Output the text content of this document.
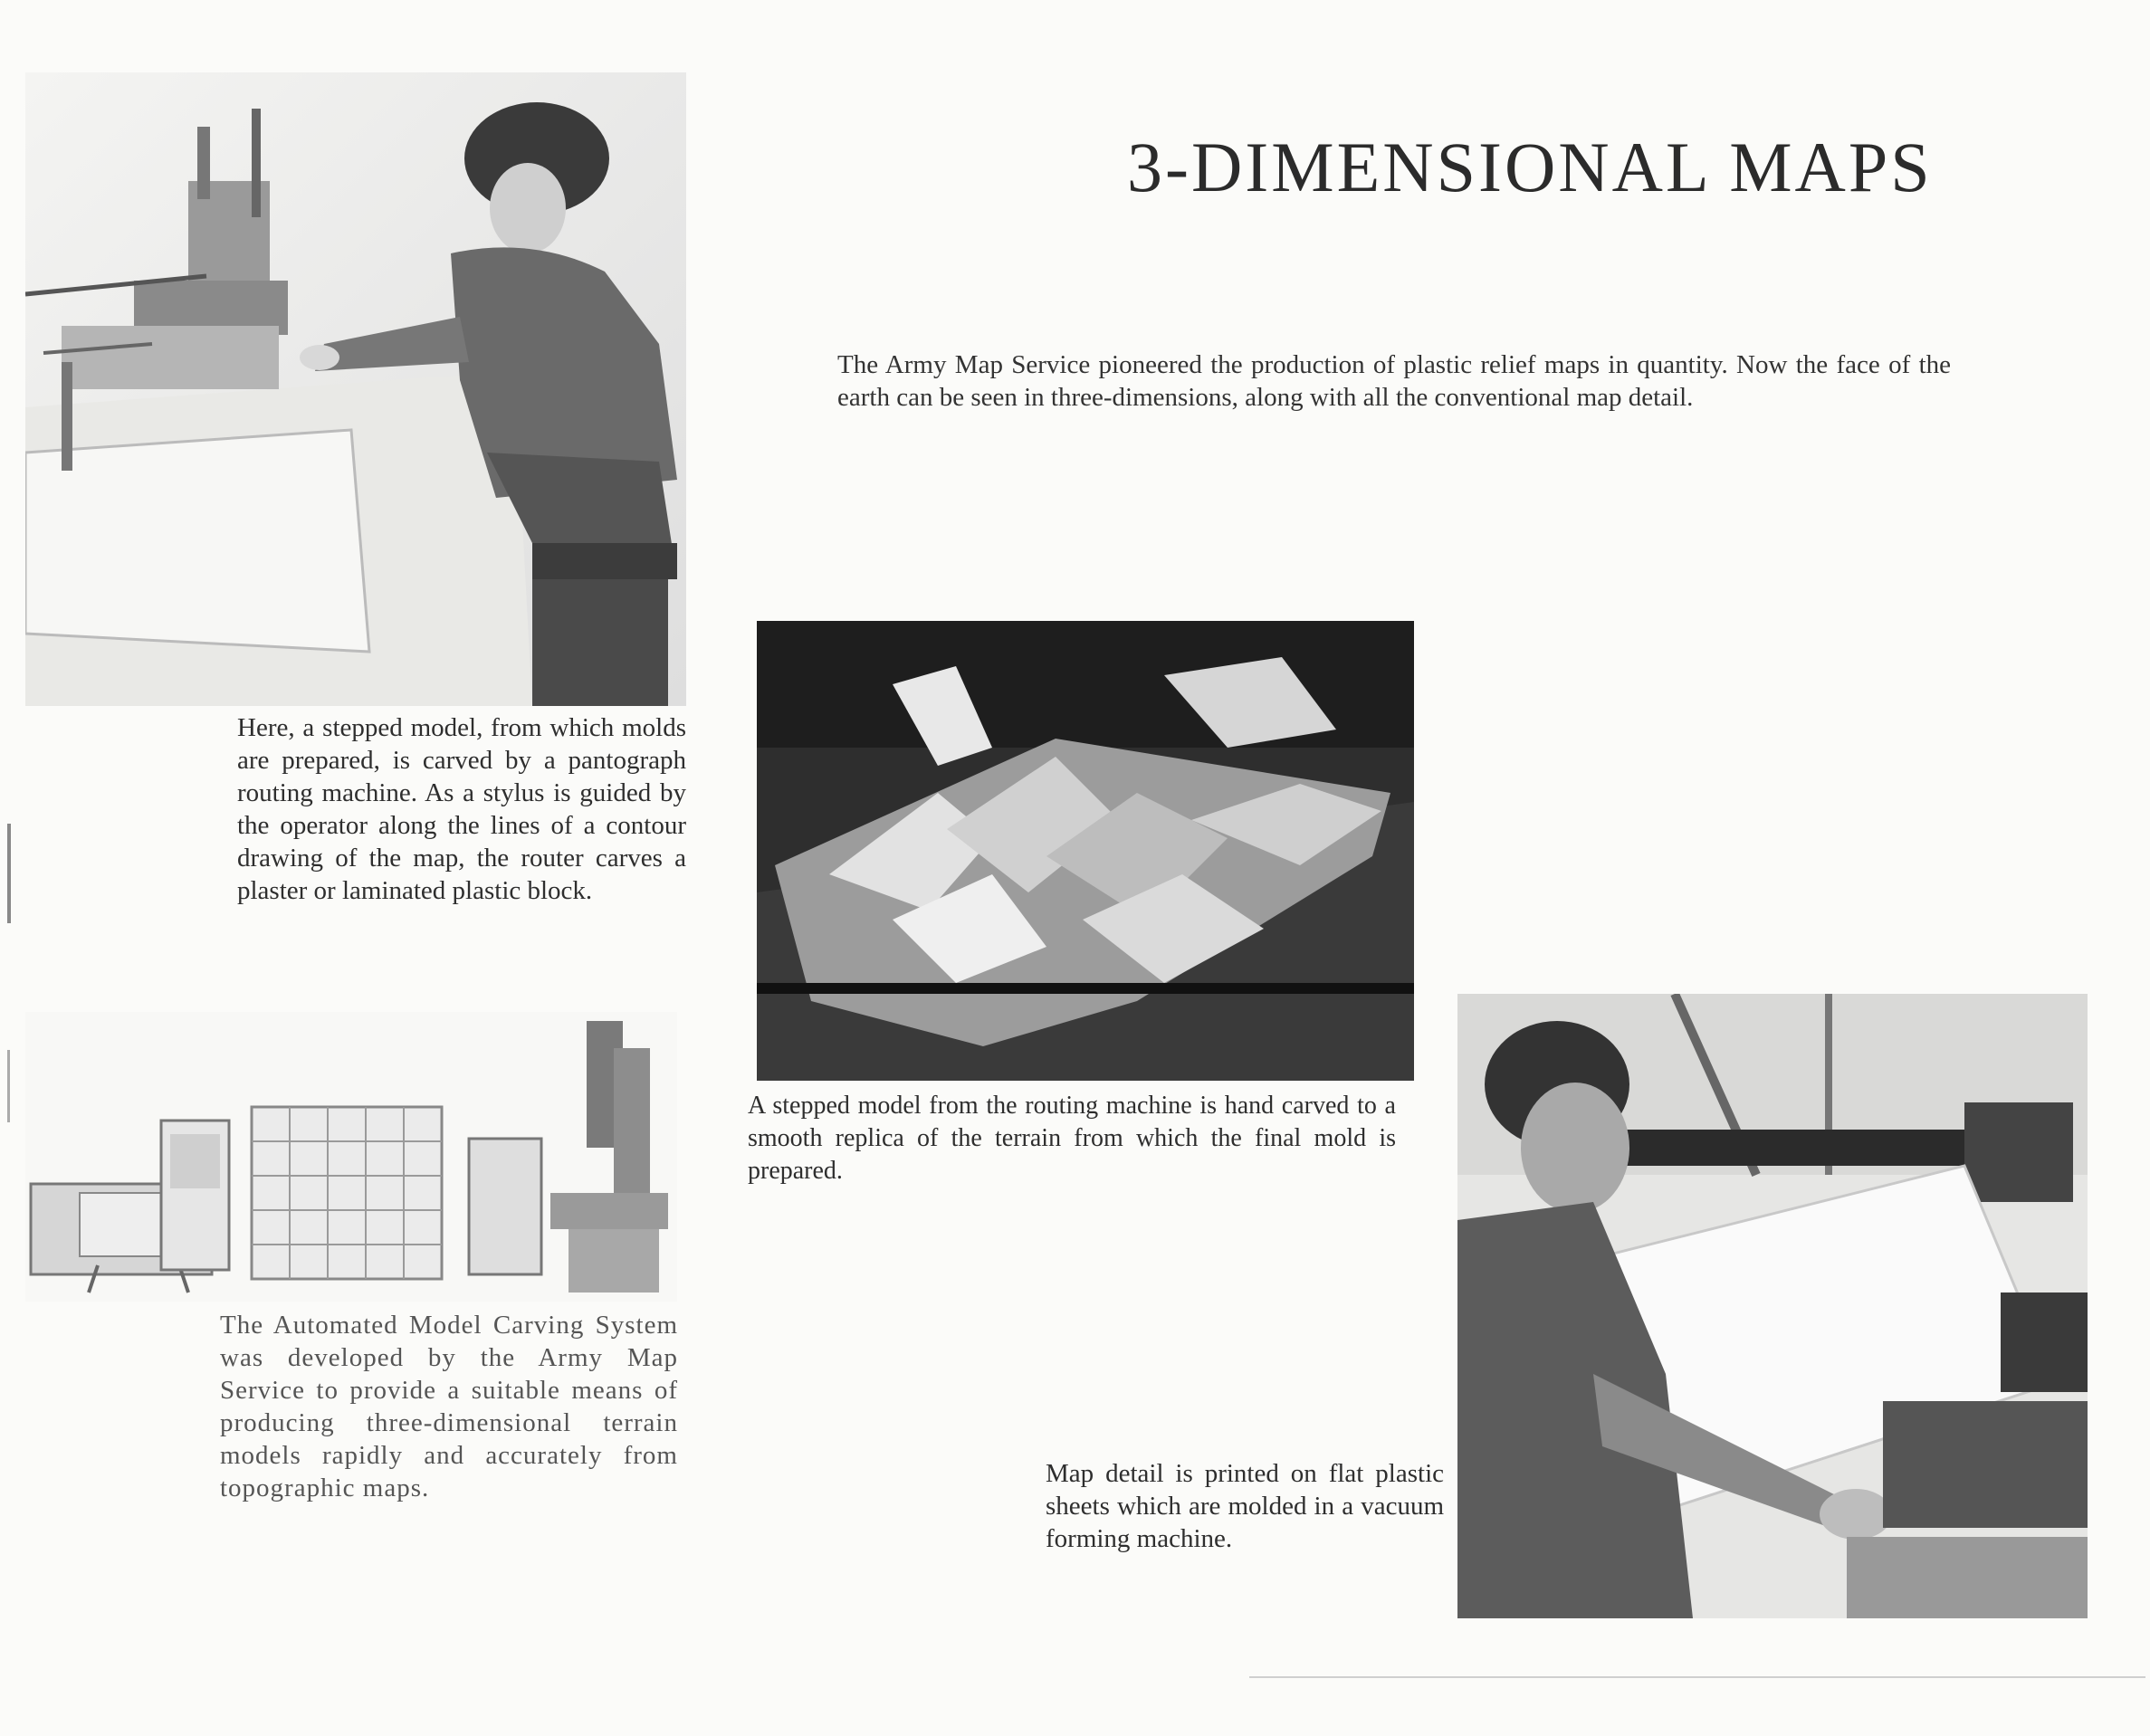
Here, a stepped model, from which molds are prepared, is carved by a pantograph routing machine. As a stylus is guided by the operator along the lines of a contour drawing of the map, the router carves a plaster or laminated plastic block.
3-DIMENSIONAL MAPS
The Army Map Service pioneered the production of plastic relief maps in quantity. Now the face of the earth can be seen in three-dimensions, along with all the conventional map detail.
A stepped model from the routing machine is hand carved to a smooth replica of the terrain from which the final mold is prepared.
The Automated Model Carving System was developed by the Army Map Service to provide a suitable means of producing three-dimensional terrain models rapidly and accurately from topographic maps.	Map detail is printed on flat plastic sheets which are molded in a vacuum forming machine.
